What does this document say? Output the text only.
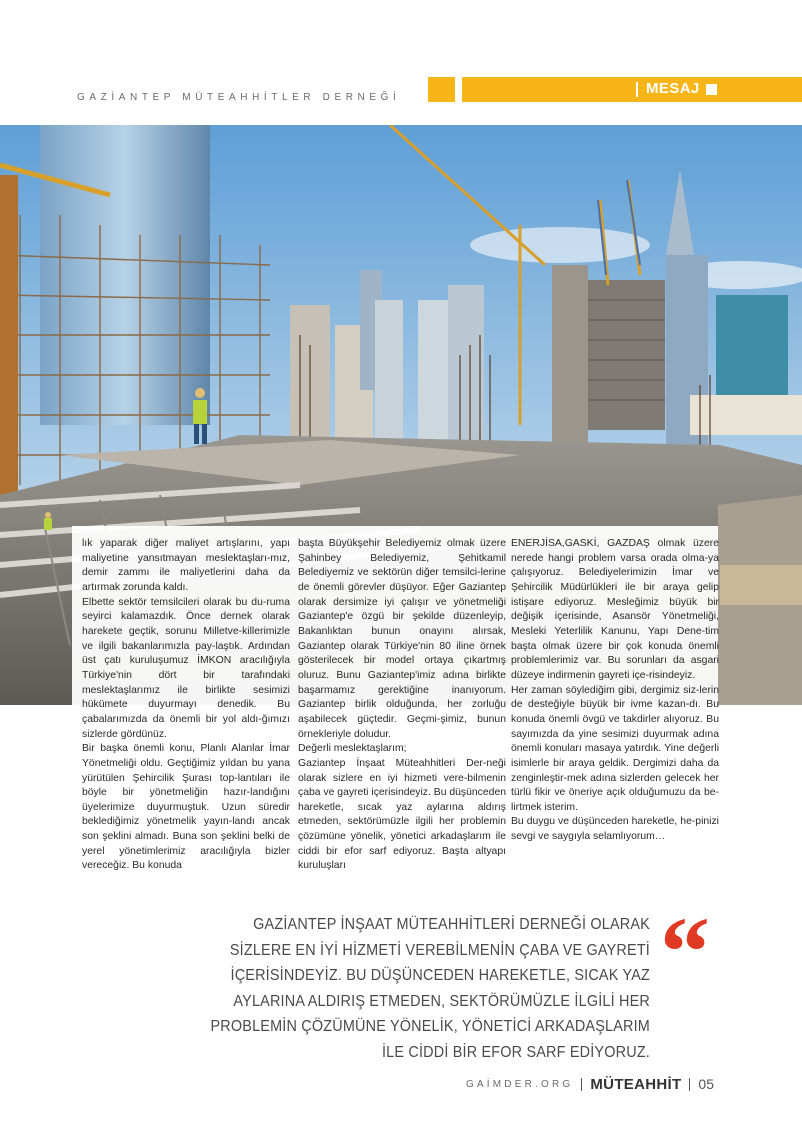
GAZİANTEP MÜTEAHHİTLER DERNEĞİ
MESAJ

lık yaparak diğer maliyet artışlarını, yapı maliyetine yansıtmayan meslektaşları-mız, demir zammı ile maliyetlerini daha da artırmak zorunda kaldı.

Elbette sektör temsilcileri olarak bu du-ruma seyirci kalamazdık. Önce dernek olarak harekete geçtik, sorunu Milletve-killerimizle ve ilgili bakanlarımızla pay-laştık. Ardından üst çatı kuruluşumuz İMKON aracılığıyla Türkiye'nin dört bir tarafındaki meslektaşlarımız ile birlikte sesimizi hükümete duyurmayı denedik. Bu çabalarımızda da önemli bir yol aldı-ğımızı sizlerde gördünüz.

Bir başka önemli konu, Planlı Alanlar İmar Yönetmeliği oldu. Geçtiğimiz yıldan bu yana yürütülen Şehircilik Şurası top-lantıları ile böyle bir yönetmeliğin hazır-landığını üyelerimize duyurmuştuk. Uzun süredir beklediğimiz yönetmelik yayın-landı ancak son şeklini almadı. Buna son şeklini belki de yerel yönetimlerimiz aracılığıyla bizler vereceğiz. Bu konuda

başta Büyükşehir Belediyemiz olmak üzere Şahinbey Belediyemiz, Şehitkamil Belediyemiz ve sektörün diğer temsilci-lerine de önemli görevler düşüyor. Eğer Gaziantep olarak dersimize iyi çalışır ve yönetmeliği Gaziantep'e özgü bir şekilde düzenleyip, Bakanlıktan bunun onayını alırsak, Gaziantep olarak Türkiye'nin 80 iline örnek gösterilecek bir model ortaya çıkartmış oluruz. Bunu Gaziantep'imiz adına birlikte başarmamız gerektiğine inanıyorum. Gaziantep birlik olduğunda, her zorluğu aşabilecek güçtedir. Geçmi-şimiz, bunun örnekleriyle doludur.

Değerli meslektaşlarım;

Gaziantep İnşaat Müteahhitleri Der-neği olarak sizlere en iyi hizmeti vere-bilmenin çaba ve gayreti içerisindeyiz. Bu düşünceden hareketle, sıcak yaz aylarına aldırış etmeden, sektörümüzle ilgili her problemin çözümüne yönelik, yönetici arkadaşlarım ile ciddi bir efor sarf ediyoruz. Başta altyapı kuruluşları

ENERJİSA,GASKİ, GAZDAŞ olmak üzere nerede hangi problem varsa orada olma-ya çalışıyoruz. Belediyelerimizin İmar ve Şehircilik Müdürlükleri ile bir araya gelip istişare ediyoruz. Mesleğimiz büyük bir değişik içerisinde, Asansör Yönetmeliği, Mesleki Yeterlilik Kanunu, Yapı Dene-tim başta olmak üzere bir çok konuda önemli problemlerimiz var. Bu sorunları da asgari düzeye indirmenin gayreti içe-risindeyiz.

Her zaman söylediğim gibi, dergimiz siz-lerin de desteğiyle büyük bir ivme kazan-dı. Bu konuda önemli övgü ve takdirler alıyoruz. Bu sayımızda da yine sesimizi duyurmak adına önemli konuları masaya yatırdık. Yine değerli isimlerle bir araya geldik. Dergimizi daha da zenginleştir-mek adına sizlerden gelecek her türlü fikir ve öneriye açık olduğumuzu da be-lirtmek isterim.

Bu duygu ve düşünceden hareketle, he-pinizi sevgi ve saygıyla selamlıyorum…

GAZİANTEP İNŞAAT MÜTEAHHİTLERİ DERNEĞİ OLARAK SİZLERE EN İYİ HİZMETİ VEREBİLMENİN ÇABA VE GAYRETİ İÇERİSİNDEYİZ. BU DÜŞÜNCEDEN HAREKETLE, SICAK YAZ AYLARINA ALDIRIŞ ETMEDEN, SEKTÖRÜMÜZLE İLGİLİ HER PROBLEMİN ÇÖZÜMÜNE YÖNELİK, YÖNETİCİ ARKADAŞLARIM İLE CİDDİ BİR EFOR SARF EDİYORUZ.
“
GAİMDER.ORG MÜTEAHHİT 05
